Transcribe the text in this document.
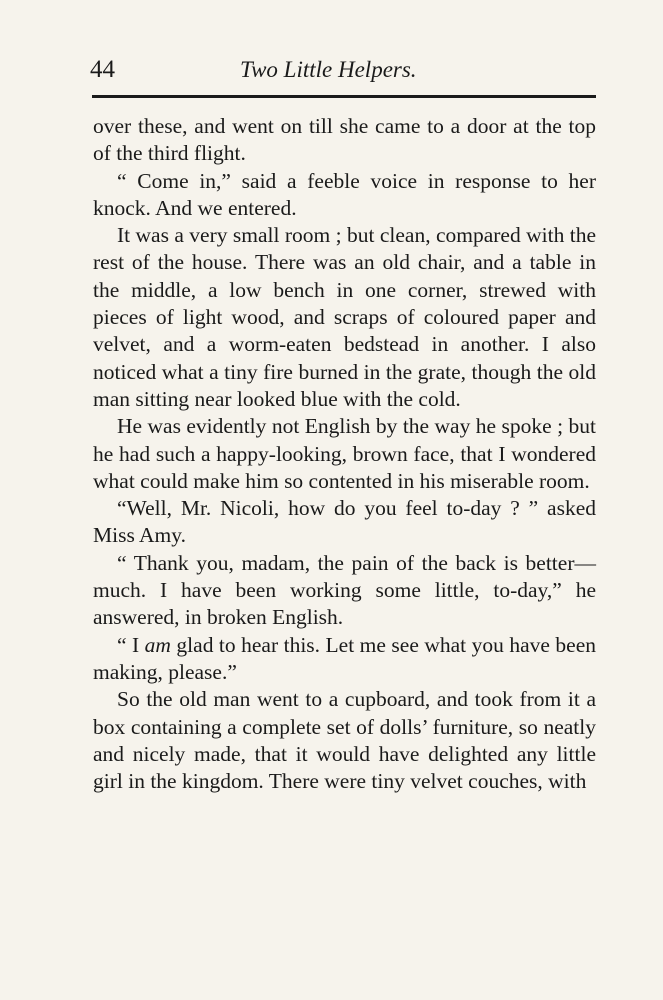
44	Two Little Helpers.

over these, and went on till she came to a door at the top of the third flight.

“ Come in,” said a feeble voice in response to her knock. And we entered.

It was a very small room ; but clean, compared with the rest of the house. There was an old chair, and a table in the middle, a low bench in one corner, strewed with pieces of light wood, and scraps of coloured paper and velvet, and a worm-eaten bedstead in another. I also noticed what a tiny fire burned in the grate, though the old man sitting near looked blue with the cold.

He was evidently not English by the way he spoke ; but he had such a happy-looking, brown face, that I wondered what could make him so contented in his miserable room.

“Well, Mr. Nicoli, how do you feel to-day ? ” asked Miss Amy.

“ Thank you, madam, the pain of the back is better—much. I have been working some little, to-day,” he answered, in broken English.

“ I am glad to hear this. Let me see what you have been making, please.”

So the old man went to a cupboard, and took from it a box containing a complete set of dolls’ furniture, so neatly and nicely made, that it would have delighted any little girl in the kingdom. There were tiny velvet couches, with
